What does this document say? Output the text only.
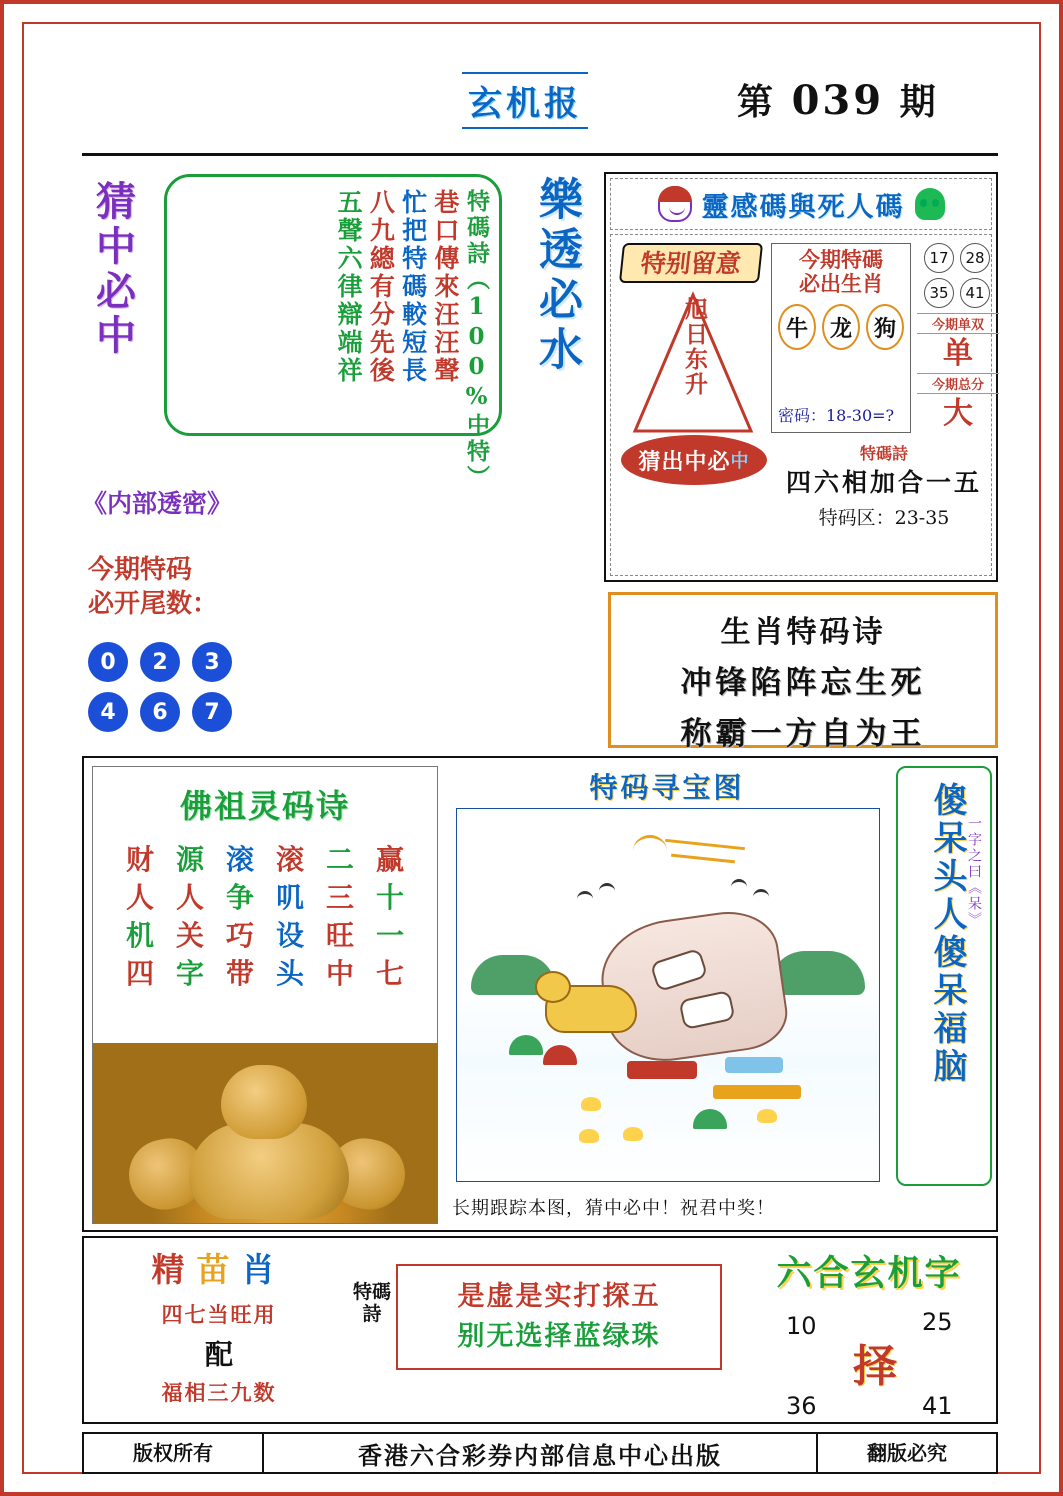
玄机报	第 039 期
猜中必中	特碼詩（100%中特）
巷口傳來汪汪聲
忙把特碼較短長
八九總有分先後
五聲六律辯端祥	樂透必水
《内部透密》
今期特码
必开尾数：
0	2	3
4	6	7
靈感碼與死人碼
特别留意
旭日东升
猜出中必 中
今期特碼
必出生肖
牛 龙 狗
密码：18-30=?
17	28
35	41
今期单双
单
今期总分
大
特碼詩
四六相加合一五
特码区：23-35
生肖特码诗
冲锋陷阵忘生死
称霸一方自为王
佛祖灵码诗
财 源 滚 滚 二 赢
人 人 争 叽 三 十
机 关 巧 设 旺 一
四 字 带 头 中 七
特码寻宝图
长期跟踪本图，猜中必中！祝君中奖！
傻呆头人傻呆福脑 一字之曰《呆》
精苗肖
四七当旺用
配
福相三九数
特碼詩
是虚是实打探五
别无选择蓝绿珠
六合玄机字
10	25
36	41
择
版权所有	香港六合彩券内部信息中心出版	翻版必究
